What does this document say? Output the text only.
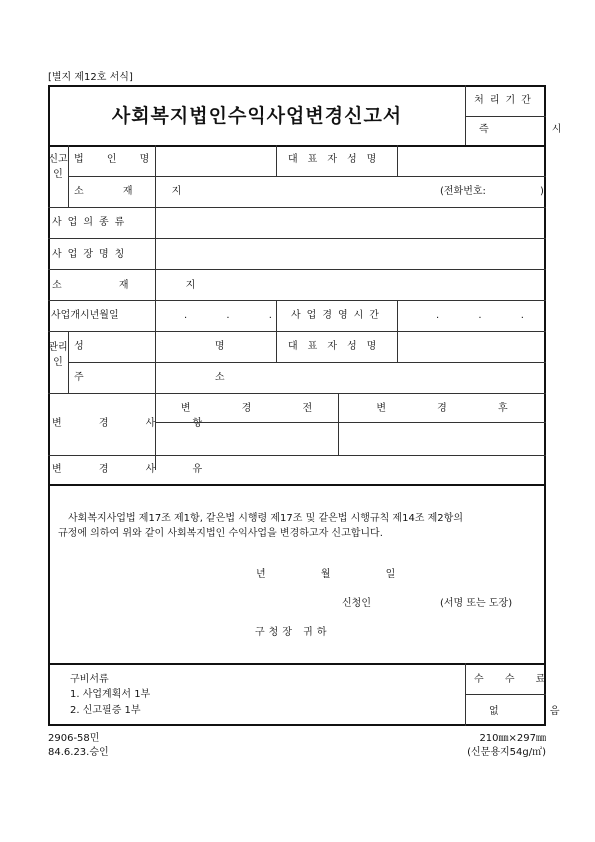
[별지 제12호 서식]
사회복지법인수익사업변경신고서
처리기간
즉 시
신고인
법 인 명	대표자성명
소 재 지	(전화번호:	)
사업의종류
사업장명칭
소 재 지
사업개시년월일	. . . 사업경영시간	. . .
관리인
성 명 대표자성명
주 소
변 경 사 항
변 경 전	변 경 후
변 경 사 유
사회복지사업법 제17조 제1항, 같은법 시행령 제17조 및 같은법 시행규칙 제14조 제2항의
규정에 의하여 위와 같이 사회복지법인 수익사업을 변경하고자 신고합니다.
년 월 일
신청인	(서명 또는 도장)
구청장 귀하
구비서류
1. 사업계획서 1부
2. 신고필증 1부
수 수 료
없 음
2906-58민
84.6.23.승인
210㎜×297㎜
(신문용지54g/㎡)
